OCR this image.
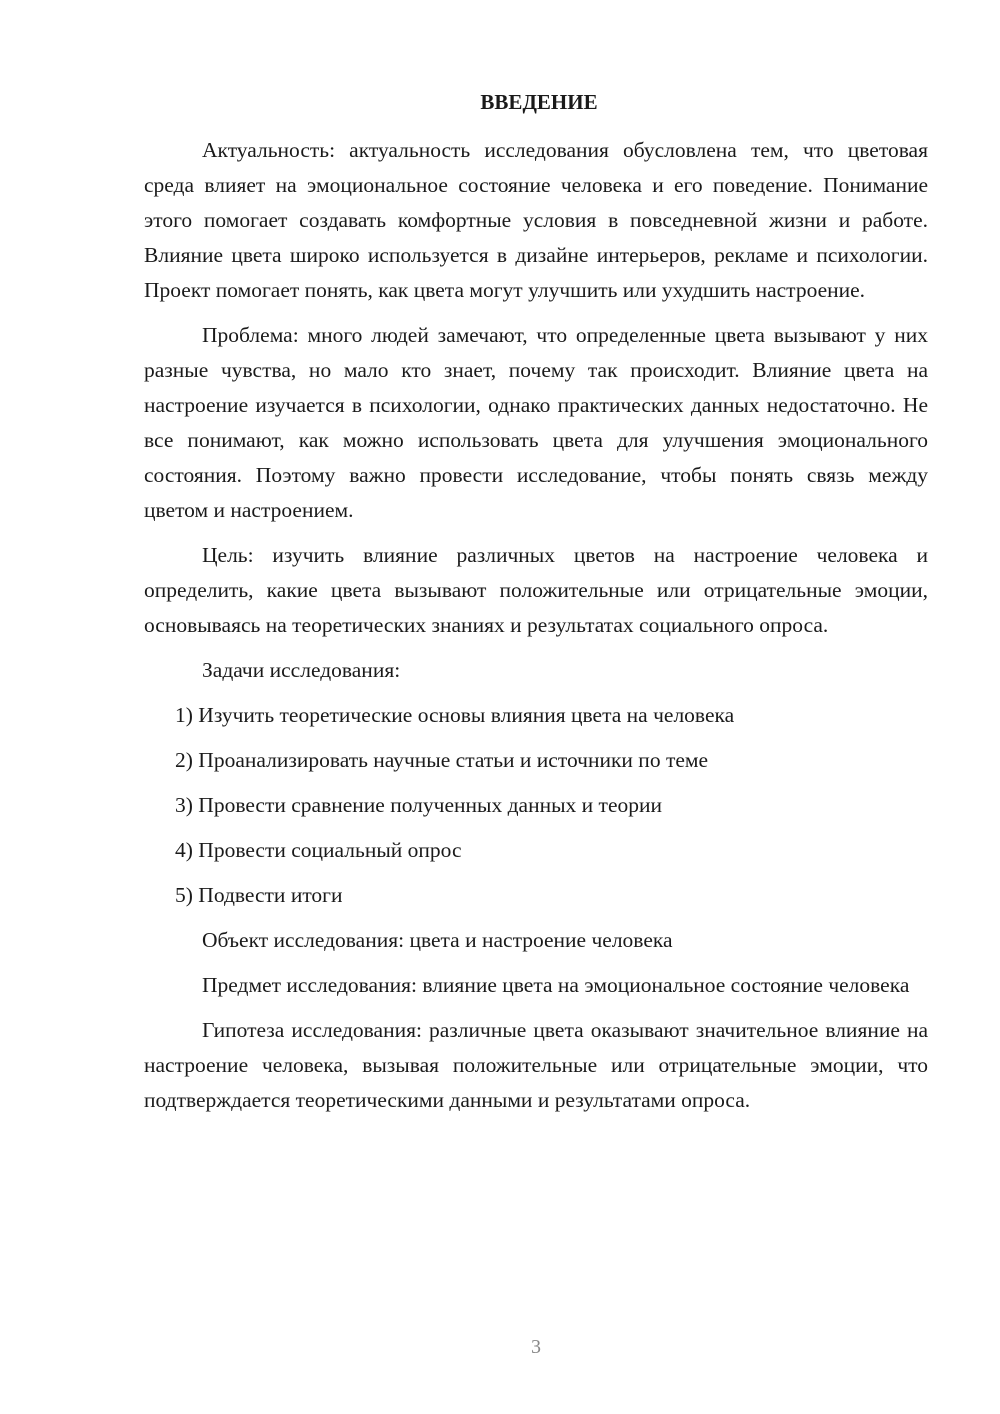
ВВЕДЕНИЕ

Актуальность: актуальность исследования обусловлена тем, что цветовая среда влияет на эмоциональное состояние человека и его поведение. Понимание этого помогает создавать комфортные условия в повседневной жизни и работе. Влияние цвета широко используется в дизайне интерьеров, рекламе и психологии. Проект помогает понять, как цвета могут улучшить или ухудшить настроение.

Проблема: много людей замечают, что определенные цвета вызывают у них разные чувства, но мало кто знает, почему так происходит. Влияние цвета на настроение изучается в психологии, однако практических данных недостаточно. Не все понимают, как можно использовать цвета для улучшения эмоционального состояния. Поэтому важно провести исследование, чтобы понять связь между цветом и настроением.

Цель: изучить влияние различных цветов на настроение человека и определить, какие цвета вызывают положительные или отрицательные эмоции, основываясь на теоретических знаниях и результатах социального опроса.

Задачи исследования:

1) Изучить теоретические основы влияния цвета на человека
2) Проанализировать научные статьи и источники по теме
3) Провести сравнение полученных данных и теории
4) Провести социальный опрос
5) Подвести итоги

Объект исследования: цвета и настроение человека

Предмет исследования: влияние цвета на эмоциональное состояние человека

Гипотеза исследования: различные цвета оказывают значительное влияние на настроение человека, вызывая положительные или отрицательные эмоции, что подтверждается теоретическими данными и результатами опроса.

3
